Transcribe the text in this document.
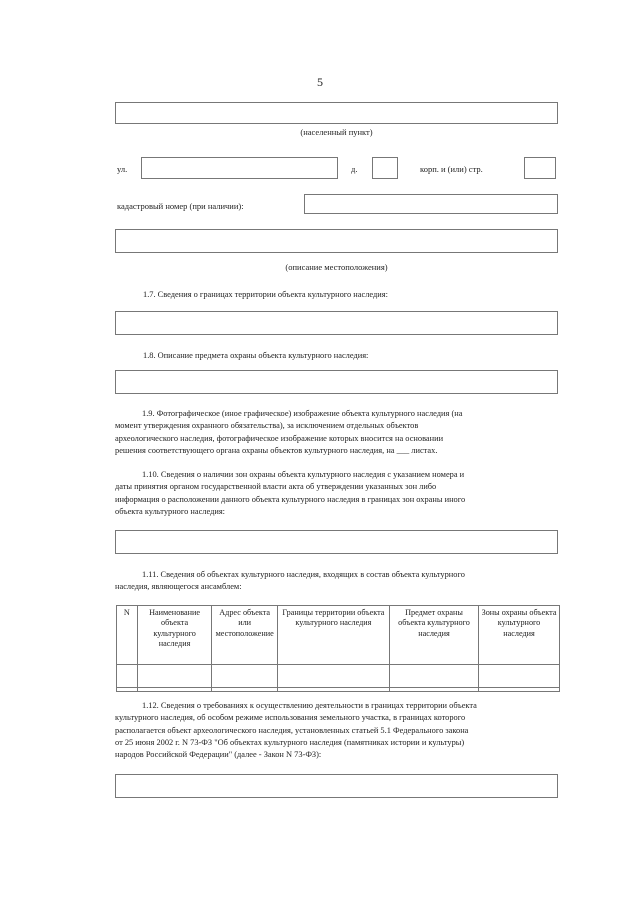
5
(населенный пункт)
ул.	д.	корп. и (или) стр.
кадастровый номер (при наличии):
(описание местоположения)
1.7. Сведения о границах территории объекта культурного наследия:
1.8. Описание предмета охраны объекта культурного наследия:
1.9. Фотографическое (иное графическое) изображение объекта культурного наследия (на
момент утверждения охранного обязательства), за исключением отдельных объектов
археологического наследия, фотографическое изображение которых вносится на основании
решения соответствующего органа охраны объектов культурного наследия, на ___ листах.
1.10. Сведения о наличии зон охраны объекта культурного наследия с указанием номера и
даты принятия органом государственной власти акта об утверждении указанных зон либо
информация о расположении данного объекта культурного наследия в границах зон охраны иного
объекта культурного наследия:
1.11. Сведения об объектах культурного наследия, входящих в состав объекта культурного
наследия, являющегося ансамблем:
N	Наименование объекта культурного наследия	Адрес объекта или местоположение	Границы территории объекта культурного наследия	Предмет охраны объекта культурного наследия	Зоны охраны объекта культурного наследия

1.12. Сведения о требованиях к осуществлению деятельности в границах территории объекта
культурного наследия, об особом режиме использования земельного участка, в границах которого
располагается объект археологического наследия, установленных статьей 5.1 Федерального закона
от 25 июня 2002 г. N 73-ФЗ "Об объектах культурного наследия (памятниках истории и культуры)
народов Российской Федерации" (далее - Закон N 73-ФЗ):
